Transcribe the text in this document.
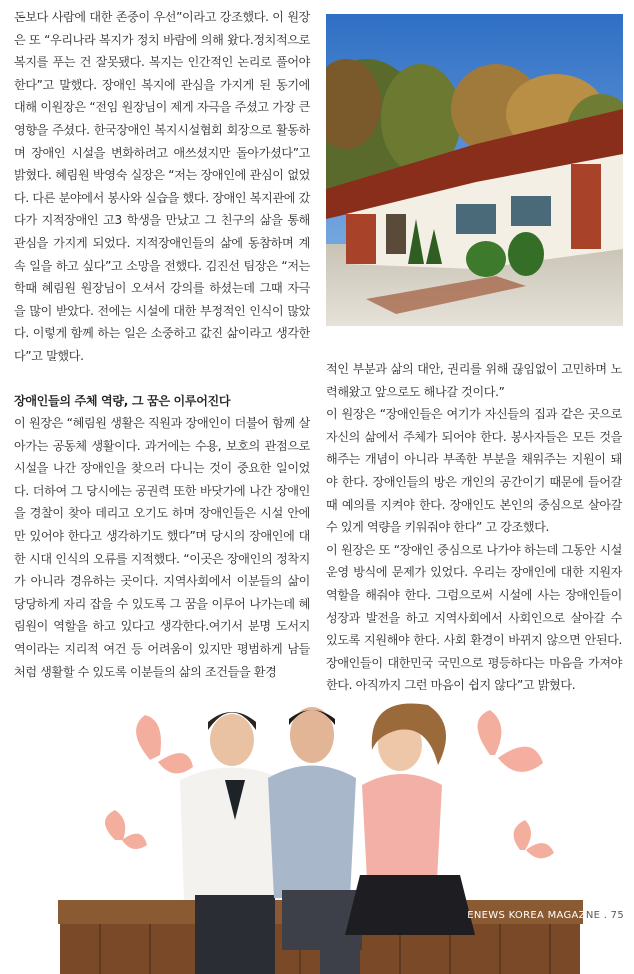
돈보다 사람에 대한 존중이 우선”이라고 강조했다. 이 원장은 또 “우리나라 복지가 정치 바람에 의해 왔다.정치적으로 복지를 푸는 건 잘못됐다. 복지는 인간적인 논리로 풀어야한다”고 말했다. 장애인 복지에 관심을 가지게 된 동기에 대해 이원장은 “전임 원장님이 제게 자극을 주셨고 가장 큰 영향을 주셨다. 한국장애인 복지시설협회 회장으로 활동하며 장애인 시설을 변화하려고 애쓰셨지만 돌아가셨다”고 밝혔다. 혜림원 박영숙 실장은 “저는 장애인에 관심이 없었다. 다른 분야에서 봉사와 실습을 했다. 장애인 복지관에 갔다가 지적장애인 고3 학생을 만났고 그 친구의 삶을 통해 관심을 가지게 되었다. 지적장애인들의 삶에 동참하며 계속 일을 하고 싶다”고 소망을 전했다. 김진선 팀장은 “저는 학때 혜림원 원장님이 오셔서 강의를 하셨는데 그때 자극을 많이 받았다. 전에는 시설에 대한 부정적인 인식이 많았다. 이렇게 함께 하는 일은 소중하고 값진 삶이라고 생각한다”고 말했다.

장애인들의 주체 역량, 그 꿈은 이루어진다

이 원장은 “혜림원 생활은 직원과 장애인이 더불어 함께 살아가는 공동체 생활이다. 과거에는 수용, 보호의 관점으로 시설을 나간 장애인을 찾으러 다니는 것이 중요한 일이었다. 더하여 그 당시에는 공권력 또한 바닷가에 나간 장애인을 경찰이 찾아 데리고 오기도 하며 장애인들은 시설 안에만 있어야 한다고 생각하기도 했다”며 당시의 장애인에 대한 시대 인식의 오류를 지적했다. “이곳은 장애인의 정착지가 아니라 경유하는 곳이다. 지역사회에서 이분들의 삶이 당당하게 자리 잡을 수 있도록 그 꿈을 이루어 나가는데 혜림원이 역할을 하고 있다고 생각한다.여기서 분명 도서지역이라는 지리적 여건 등 어려움이 있지만 평범하게 남들처럼 생활할 수 있도록 이분들의 삶의 조건들을 환경

적인 부분과 삶의 대안, 권리를 위해 끊임없이 고민하며 노력해왔고 앞으로도 해나갈 것이다.”

이 원장은 “장애인들은 여기가 자신들의 집과 같은 곳으로 자신의 삶에서 주체가 되어야 한다. 봉사자들은 모든 것을 해주는 개념이 아니라 부족한 부분을 채워주는 지원이 돼야 한다. 장애인들의 방은 개인의 공간이기 때문에 들어갈때 예의를 지켜야 한다. 장애인도 본인의 중심으로 살아갈 수 있게 역량을 키워줘야 한다” 고 강조했다.

이 원장은 또 “장애인 중심으로 나가야 하는데 그동안 시설 운영 방식에 문제가 있었다. 우리는 장애인에 대한 지원자 역할을 해줘야 한다. 그럼으로써 시설에 사는 장애인들이 성장과 발전을 하고 지역사회에서 사회인으로 살아갈 수 있도록 지원해야 한다. 사회 환경이 바뀌지 않으면 안된다. 장애인들이 대한민국 국민으로 평등하다는 마음을 가져야 한다. 아직까지 그런 마음이 쉽지 않다”고 밝혔다.

ENEWS KOREA MAGAZNE . 75
